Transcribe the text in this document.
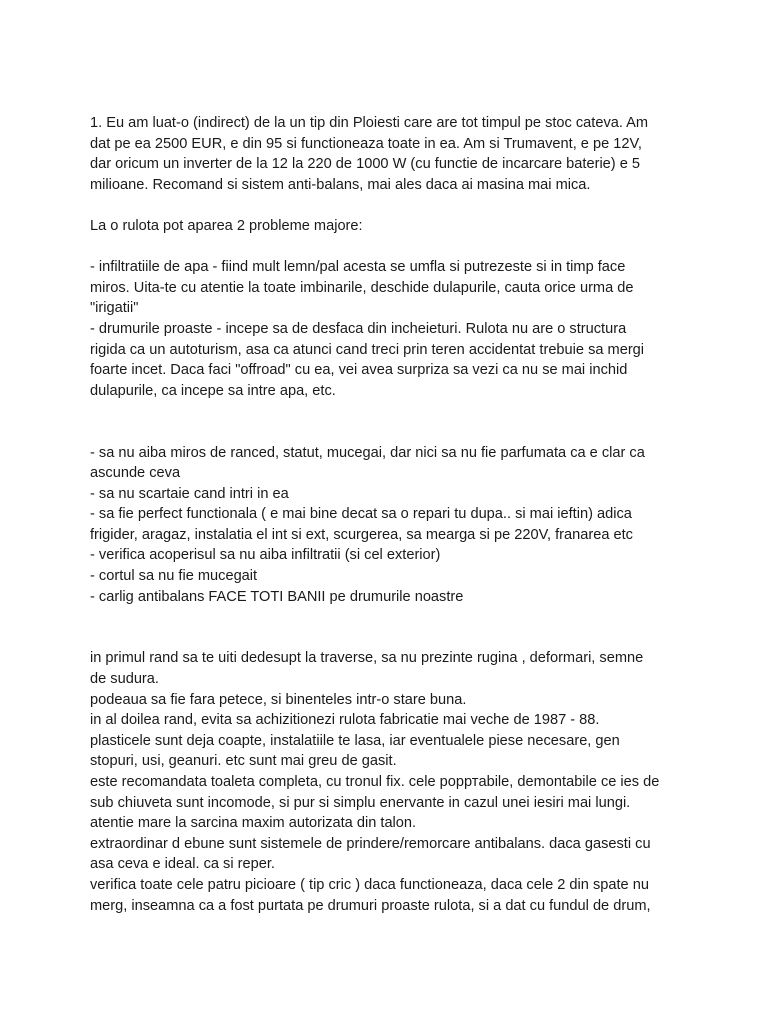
1. Eu am luat-o (indirect) de la un tip din Ploiesti care are tot timpul pe stoc cateva. Am
dat pe ea 2500 EUR, e din 95 si functioneaza toate in ea. Am si Trumavent, e pe 12V,
dar oricum un inverter de la 12 la 220 de 1000 W (cu functie de incarcare baterie) e 5
milioane. Recomand si sistem anti-balans, mai ales daca ai masina mai mica.
La o rulota pot aparea 2 probleme majore:
- infiltratiile de apa - fiind mult lemn/pal acesta se umfla si putrezeste si in timp face
miros. Uita-te cu atentie la toate imbinarile, deschide dulapurile, cauta orice urma de
"irigatii"
- drumurile proaste - incepe sa de desfaca din incheieturi. Rulota nu are o structura
rigida ca un autoturism, asa ca atunci cand treci prin teren accidentat trebuie sa mergi
foarte incet. Daca faci "offroad" cu ea, vei avea surpriza sa vezi ca nu se mai inchid
dulapurile, ca incepe sa intre apa, etc.
- sa nu aiba miros de ranced, statut, mucegai, dar nici sa nu fie parfumata ca e clar ca
ascunde ceva
- sa nu scartaie cand intri in ea
- sa fie perfect functionala ( e mai bine decat sa o repari tu dupa.. si mai ieftin) adica
frigider, aragaz, instalatia el int si ext, scurgerea, sa mearga si pe 220V, franarea etc
- verifica acoperisul sa nu aiba infiltratii (si cel exterior)
- cortul sa nu fie mucegait
- carlig antibalans FACE TOTI BANII pe drumurile noastre
in primul rand sa te uiti dedesupt la traverse, sa nu prezinte rugina , deformari, semne
de sudura.
podeaua sa fie fara petece, si binenteles intr-o stare buna.
in al doilea rand, evita sa achizitionezi rulota fabricatie mai veche de 1987 - 88.
plasticele sunt deja coapte, instalatiile te lasa, iar eventualele piese necesare, gen
stopuri, usi, geanuri. etc sunt mai greu de gasit.
este recomandata toaleta completa, cu tronul fix. cele popртabile, demontabile ce ies de
sub chiuveta sunt incomode, si pur si simplu enervante in cazul unei iesiri mai lungi.
atentie mare la sarcina maxim autorizata din talon.
extraordinar d ebune sunt sistemele de prindere/remorcare antibalans. daca gasesti cu
asa ceva e ideal. ca si reper.
verifica toate cele patru picioare ( tip cric ) daca functioneaza, daca cele 2 din spate nu
merg, inseamna ca a fost purtata pe drumuri proaste rulota, si a dat cu fundul de drum,
